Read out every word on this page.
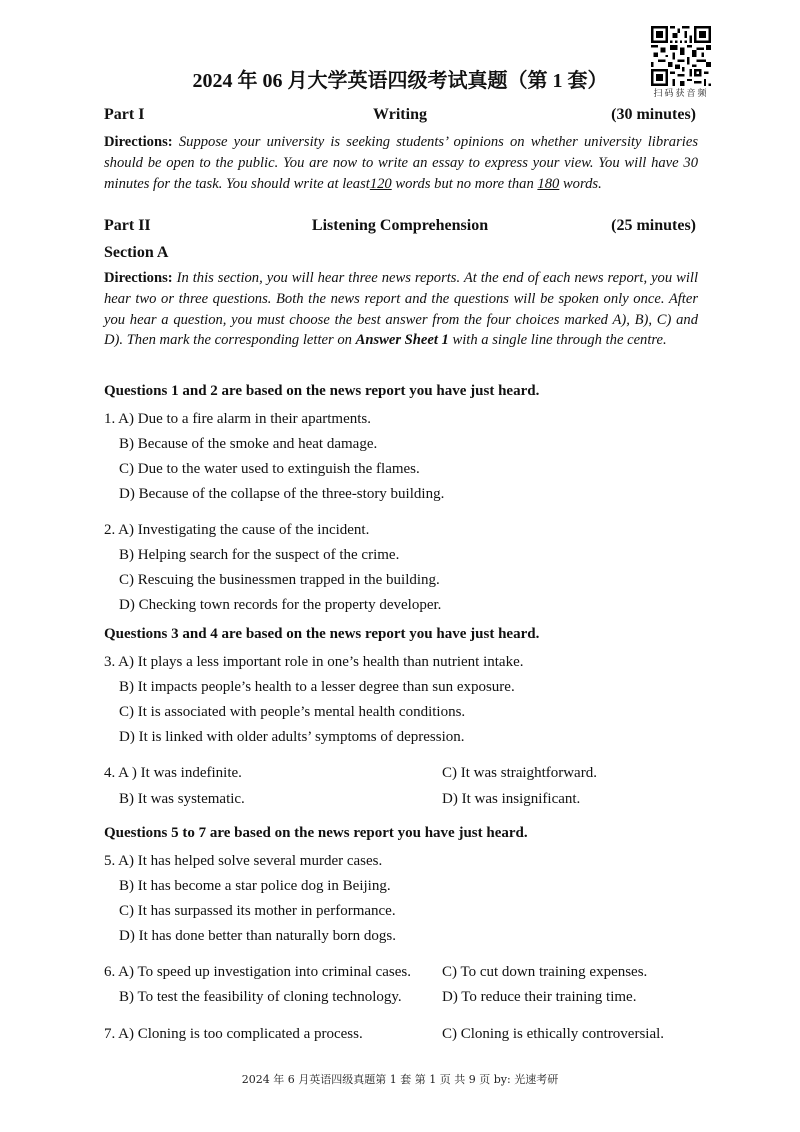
扫码获音频
2024 年 06 月大学英语四级考试真题（第 1 套）
Part I	Writing	(30 minutes)
Directions: Suppose your university is seeking students’ opinions on whether university libraries should be open to the public. You are now to write an essay to express your view. You will have 30 minutes for the task. You should write at least120 words but no more than 180 words.
Part II	Listening Comprehension	(25 minutes)
Section A
Directions: In this section, you will hear three news reports. At the end of each news report, you will hear two or three questions. Both the news report and the questions will be spoken only once. After you hear a question, you must choose the best answer from the four choices marked A), B), C) and D). Then mark the corresponding letter on Answer Sheet 1 with a single line through the centre.
Questions 1 and 2 are based on the news report you have just heard.
1. A) Due to a fire alarm in their apartments.
B) Because of the smoke and heat damage.
C) Due to the water used to extinguish the flames.
D) Because of the collapse of the three-story building.
2. A) Investigating the cause of the incident.
B) Helping search for the suspect of the crime.
C) Rescuing the businessmen trapped in the building.
D) Checking town records for the property developer.
Questions 3 and 4 are based on the news report you have just heard.
3. A) It plays a less important role in one’s health than nutrient intake.
B) It impacts people’s health to a lesser degree than sun exposure.
C) It is associated with people’s mental health conditions.
D) It is linked with older adults’ symptoms of depression.
4. A ) It was indefinite.	C) It was straightforward.
B) It was systematic.	D) It was insignificant.
Questions 5 to 7 are based on the news report you have just heard.
5. A) It has helped solve several murder cases.
B) It has become a star police dog in Beijing.
C) It has surpassed its mother in performance.
D) It has done better than naturally born dogs.
6. A) To speed up investigation into criminal cases. C) To cut down training expenses.
B) To test the feasibility of cloning technology.	D) To reduce their training time.
7. A) Cloning is too complicated a process.	C) Cloning is ethically controversial.
2024 年 6 月英语四级真题第 1 套 第 1 页 共 9 页 by: 光速考研
